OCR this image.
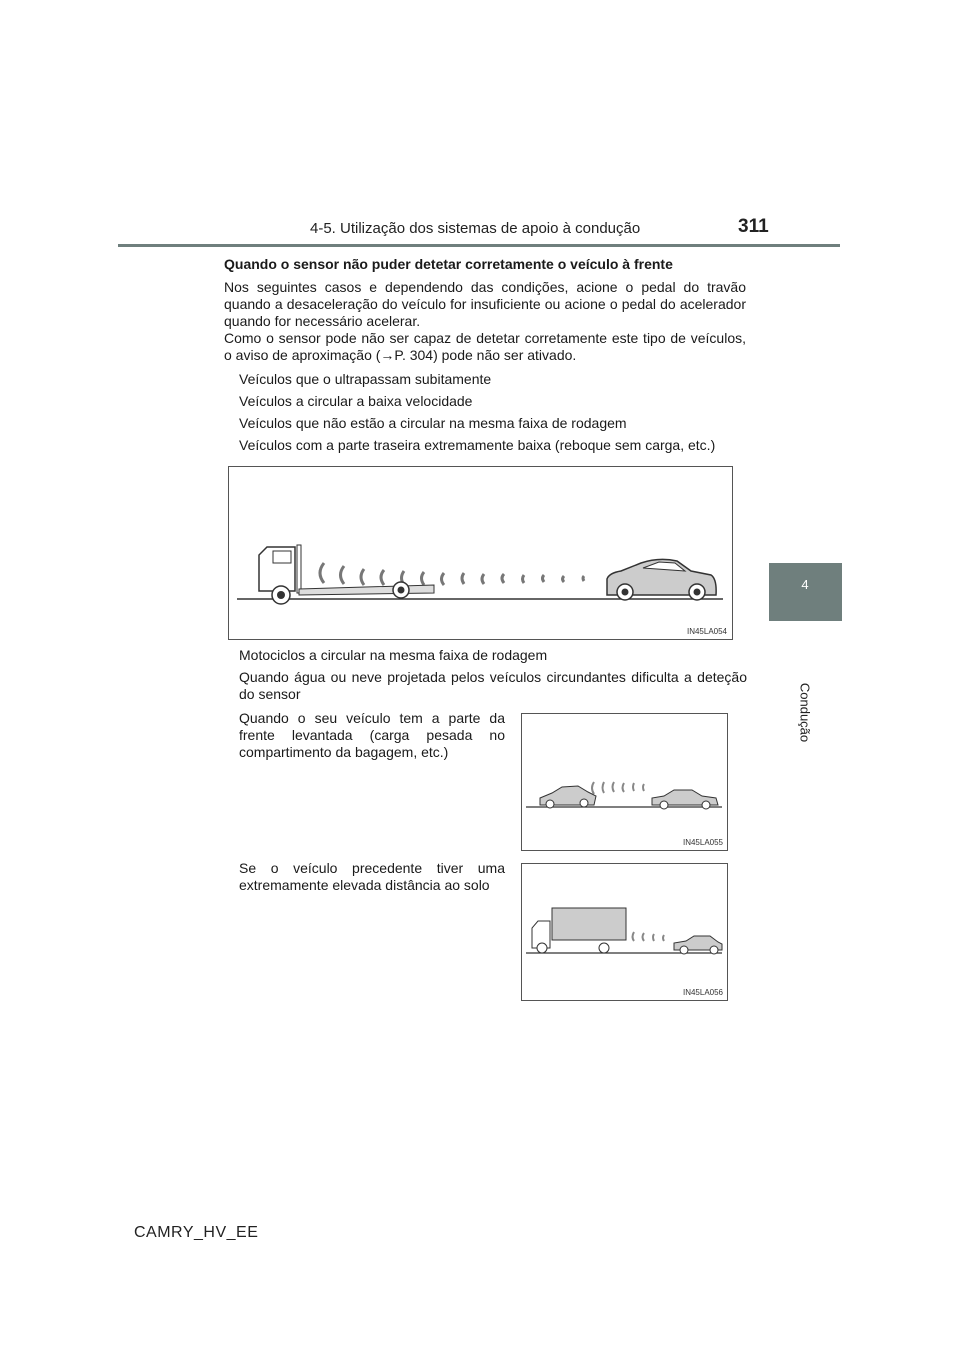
4-5. Utilização dos sistemas de apoio à condução	311
4
Condução
Quando o sensor não puder detetar corretamente o veículo à frente
Nos seguintes casos e dependendo das condições, acione o pedal do travão quando a desaceleração do veículo for insuficiente ou acione o pedal do acelerador quando for necessário acelerar.
Como o sensor pode não ser capaz de detetar corretamente este tipo de veículos, o aviso de aproximação (→P. 304) pode não ser ativado.
Veículos que o ultrapassam subitamente
Veículos a circular a baixa velocidade
Veículos que não estão a circular na mesma faixa de rodagem
Veículos com a parte traseira extremamente baixa (reboque sem carga, etc.)
IN45LA054
Motociclos a circular na mesma faixa de rodagem
Quando água ou neve projetada pelos veículos circundantes dificulta a deteção do sensor
Quando o seu veículo tem a parte da frente levantada (carga pesada no compartimento da bagagem, etc.)
IN45LA055
Se o veículo precedente tiver uma extremamente elevada distância ao solo
IN45LA056
CAMRY_HV_EE
